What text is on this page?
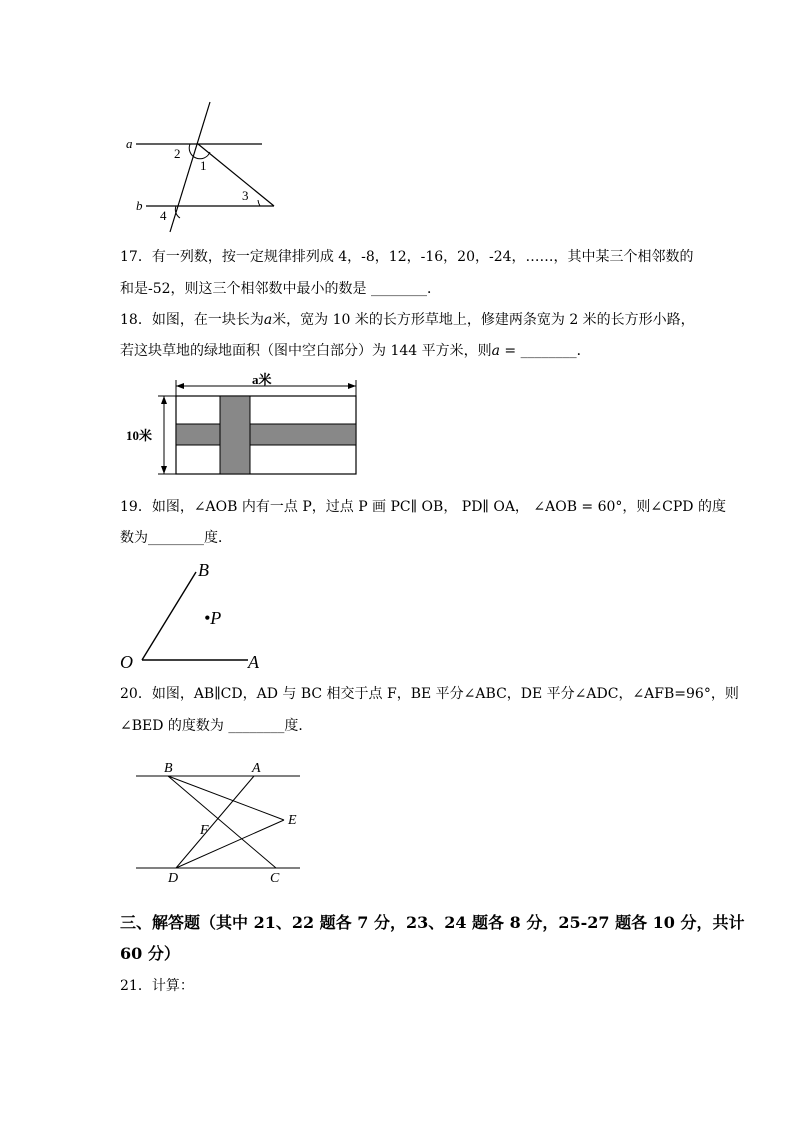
a
b
2
1
3
4
17．有一列数，按一定规律排列成 4，-8，12，-16，20，-24，……，其中某三个相邻数的
和是-52，则这三个相邻数中最小的数是 ________．
18．如图，在一块长为𝑎米，宽为 10 米的长方形草地上，修建两条宽为 2 米的长方形小路，
若这块草地的绿地面积（图中空白部分）为 144 平方米，则𝑎 = ________．
a米
10米
19．如图，∠AOB 内有一点 P，过点 P 画 PC∥ OB， PD∥ OA， ∠AOB = 60°，则∠CPD 的度
数为________度．
B
•P
O	A
20．如图，AB∥CD，AD 与 BC 相交于点 F，BE 平分∠ABC，DE 平分∠ADC，∠AFB=96°，则
∠BED 的度数为 ________度．
B	A
E
F
D	C
三、解答题（其中 21、22 题各 7 分，23、24 题各 8 分，25-27 题各 10 分，共计
60 分）
21．计算：
